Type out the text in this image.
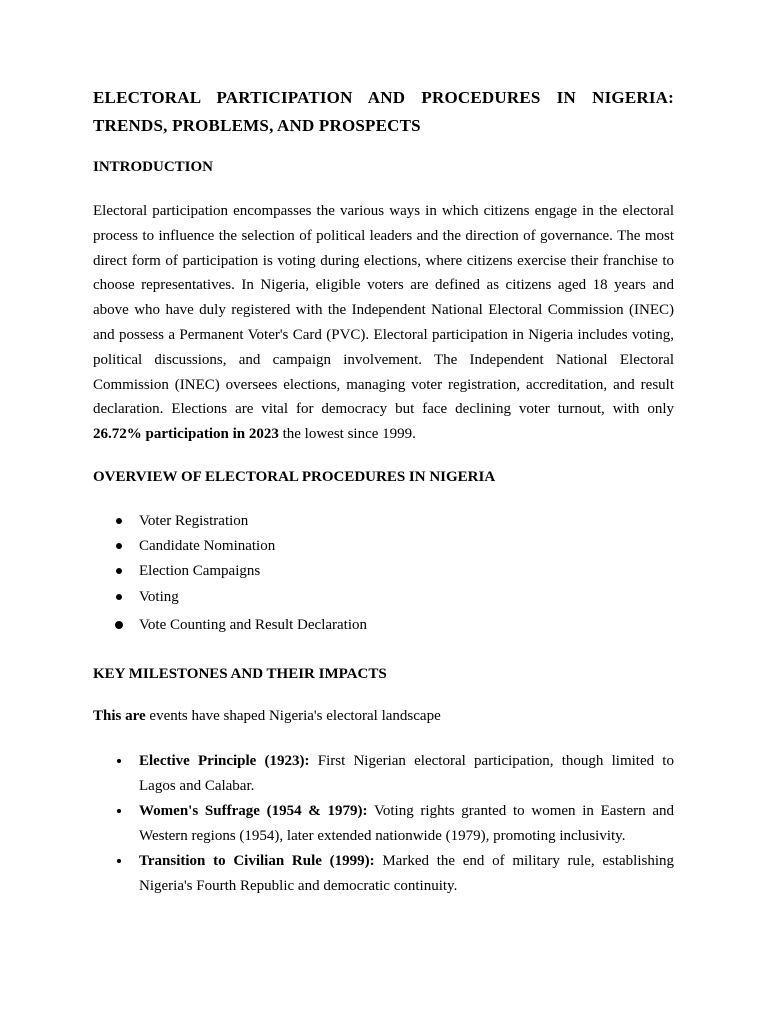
ELECTORAL PARTICIPATION AND PROCEDURES IN NIGERIA: TRENDS, PROBLEMS, AND PROSPECTS
INTRODUCTION

Electoral participation encompasses the various ways in which citizens engage in the electoral process to influence the selection of political leaders and the direction of governance. The most direct form of participation is voting during elections, where citizens exercise their franchise to choose representatives. In Nigeria, eligible voters are defined as citizens aged 18 years and above who have duly registered with the Independent National Electoral Commission (INEC) and possess a Permanent Voter's Card (PVC). Electoral participation in Nigeria includes voting, political discussions, and campaign involvement. The Independent National Electoral Commission (INEC) oversees elections, managing voter registration, accreditation, and result declaration. Elections are vital for democracy but face declining voter turnout, with only 26.72% participation in 2023 the lowest since 1999.

OVERVIEW OF ELECTORAL PROCEDURES IN NIGERIA
Voter Registration
Candidate Nomination
Election Campaigns
Voting
Vote Counting and Result Declaration
KEY MILESTONES AND THEIR IMPACTS

This are events have shaped Nigeria's electoral landscape

Elective Principle (1923): First Nigerian electoral participation, though limited to Lagos and Calabar.
Women's Suffrage (1954 & 1979): Voting rights granted to women in Eastern and Western regions (1954), later extended nationwide (1979), promoting inclusivity.
Transition to Civilian Rule (1999): Marked the end of military rule, establishing Nigeria's Fourth Republic and democratic continuity.
